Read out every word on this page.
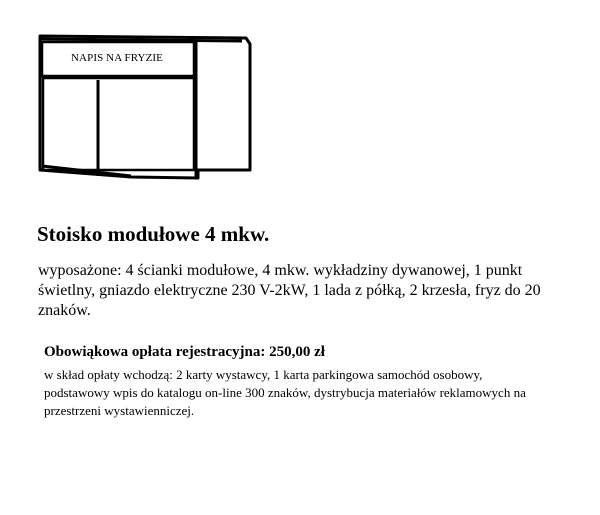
NAPIS NA FRYZIE
Stoisko modułowe 4 mkw.

wyposażone: 4 ścianki modułowe, 4 mkw. wykładziny dywanowej, 1 punkt świetlny, gniazdo elektryczne 230 V-2kW, 1 lada z półką, 2 krzesła, fryz do 20 znaków.

Obowiąkowa opłata rejestracyjna: 250,00 zł

w skład opłaty wchodzą: 2 karty wystawcy, 1 karta parkingowa samochód osobowy, podstawowy wpis do katalogu on-line 300 znaków, dystrybucja materiałów reklamowych na przestrzeni wystawienniczej.
